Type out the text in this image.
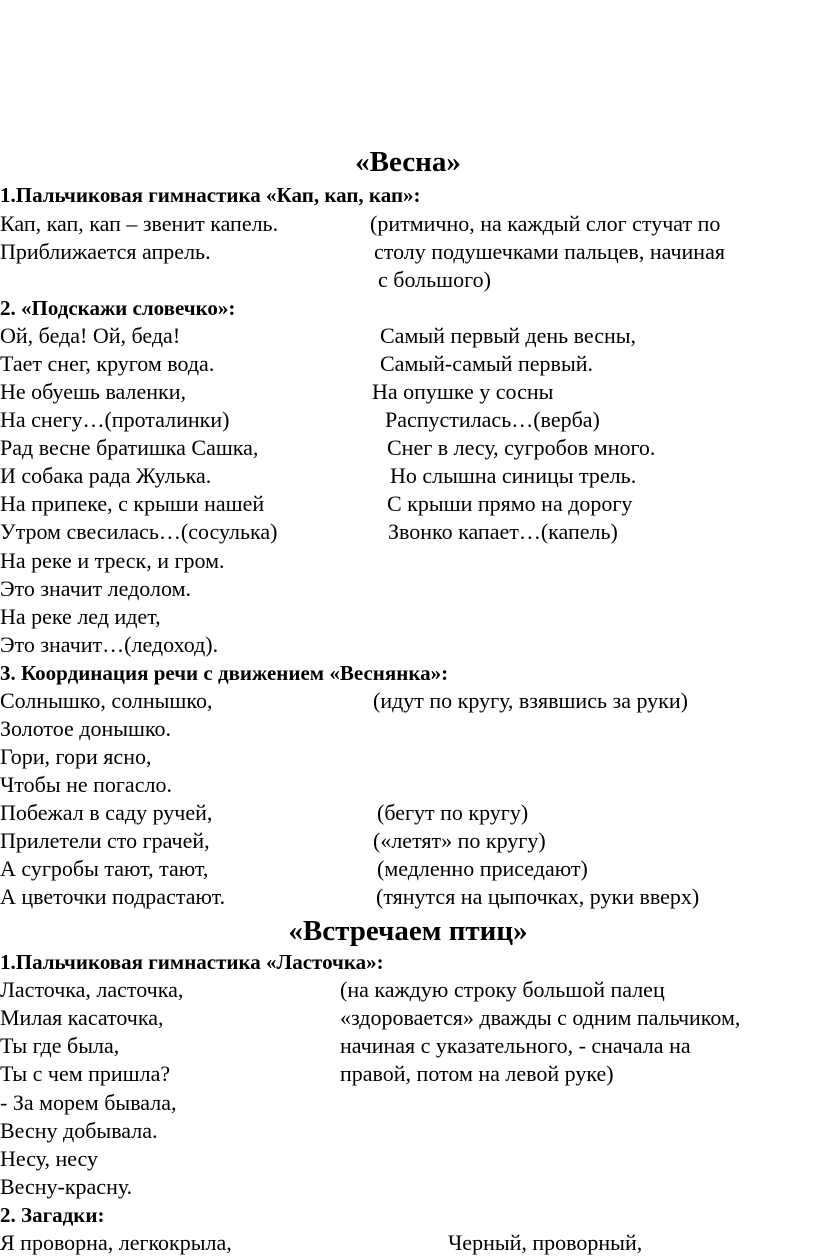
«Весна»
1.Пальчиковая гимнастика «Кап, кап, кап»:
Кап, кап, кап – звенит капель.	(ритмично, на каждый слог стучат по
Приближается апрель.	столу подушечками пальцев, начиная
с большого)
2. «Подскажи словечко»:
Ой, беда! Ой, беда!	Самый первый день весны,
Тает снег, кругом вода.	Самый-самый первый.
Не обуешь валенки,	На опушке у сосны
На снегу…(проталинки)	Распустилась…(верба)
Рад весне братишка Сашка,	Снег в лесу, сугробов много.
И собака рада Жулька.	Но слышна синицы трель.
На припеке, с крыши нашей	С крыши прямо на дорогу
Утром свесилась…(сосулька)	Звонко капает…(капель)
На реке и треск, и гром.
Это значит ледолом.
На реке лед идет,
Это значит…(ледоход).
3. Координация речи с движением «Веснянка»:
Солнышко, солнышко,	(идут по кругу, взявшись за руки)
Золотое донышко.
Гори, гори ясно,
Чтобы не погасло.
Побежал в саду ручей,	(бегут по кругу)
Прилетели сто грачей,	(«летят» по кругу)
А сугробы тают, тают,	(медленно приседают)
А цветочки подрастают.	(тянутся на цыпочках, руки вверх)
«Встречаем птиц»
1.Пальчиковая гимнастика «Ласточка»:
Ласточка, ласточка,	(на каждую строку большой палец
Милая касаточка,	«здоровается» дважды с одним пальчиком,
Ты где была,	начиная с указательного, - сначала на
Ты с чем пришла?	правой, потом на левой руке)
- За морем бывала,
Весну добывала.
Несу, несу
Весну-красну.
2. Загадки:
Я проворна, легкокрыла,	Черный, проворный,
